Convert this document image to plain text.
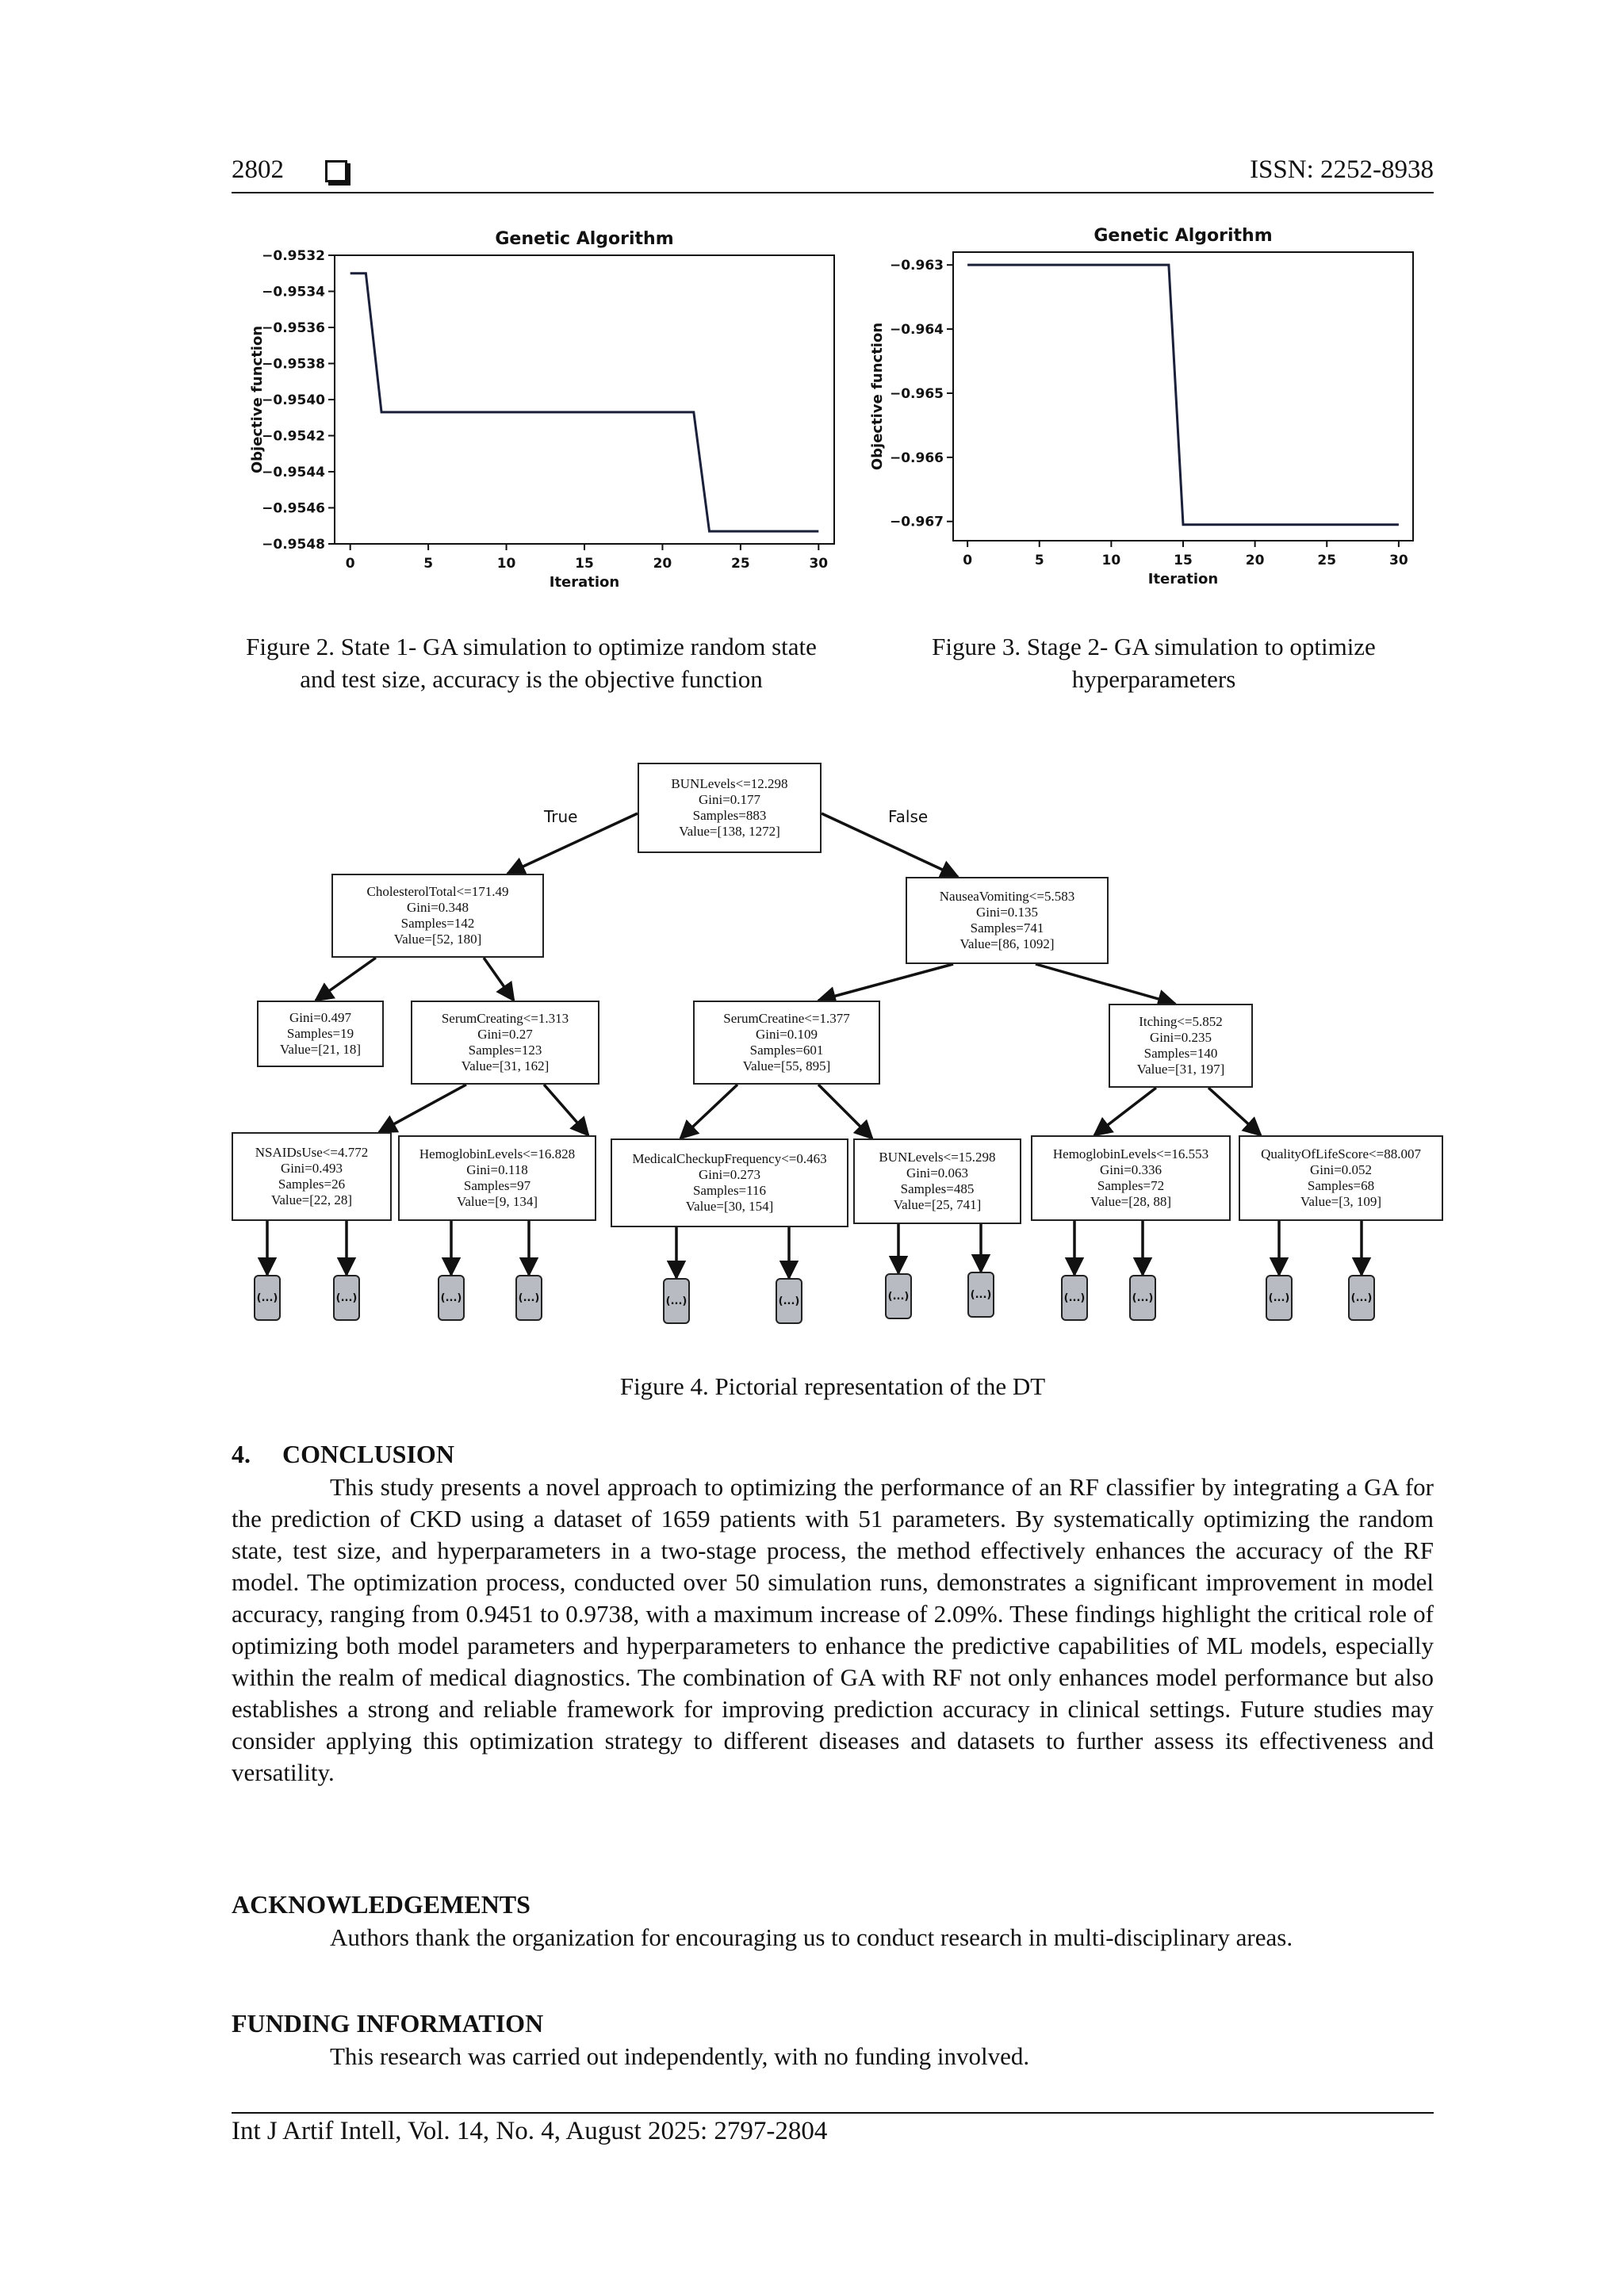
2802	ISSN: 2252-8938
Genetic Algorithm
0	5	10	15	20	25	30
−0.9532
−0.9534
−0.9536
−0.9538
−0.9540
−0.9542
−0.9544
−0.9546
−0.9548
Iteration
Objective function
Genetic Algorithm
0	5	10	15	20	25	30
−0.963
−0.964
−0.965
−0.966
−0.967
Iteration
Objective function
Figure 2. State 1- GA simulation to optimize random state and test size, accuracy is the objective function
Figure 3. Stage 2- GA simulation to optimize hyperparameters
True	False
BUNLevels<=12.298
Gini=0.177
Samples=883
Value=[138, 1272]
CholesterolTotal<=171.49
Gini=0.348
Samples=142
Value=[52, 180]
NauseaVomiting<=5.583
Gini=0.135
Samples=741
Value=[86, 1092]
Gini=0.497
Samples=19
Value=[21, 18]
SerumCreating<=1.313
Gini=0.27
Samples=123
Value=[31, 162]
SerumCreatine<=1.377
Gini=0.109
Samples=601
Value=[55, 895]
Itching<=5.852
Gini=0.235
Samples=140
Value=[31, 197]
NSAIDsUse<=4.772
Gini=0.493
Samples=26
Value=[22, 28]
HemoglobinLevels<=16.828
Gini=0.118
Samples=97
Value=[9, 134]
MedicalCheckupFrequency<=0.463
Gini=0.273
Samples=116
Value=[30, 154]
BUNLevels<=15.298
Gini=0.063
Samples=485
Value=[25, 741]
HemoglobinLevels<=16.553
Gini=0.336
Samples=72
Value=[28, 88]
QualityOfLifeScore<=88.007
Gini=0.052
Samples=68
Value=[3, 109]
(...)	(...)	(...)	(...)	(...)	(...)	(...)	(...)	(...)	(...)	(...)	(...)
Figure 4. Pictorial representation of the DT
4.     CONCLUSION
This study presents a novel approach to optimizing the performance of an RF classifier by integrating a GA for the prediction of CKD using a dataset of 1659 patients with 51 parameters. By systematically optimizing the random state, test size, and hyperparameters in a two-stage process, the method effectively enhances the accuracy of the RF model. The optimization process, conducted over 50 simulation runs, demonstrates a significant improvement in model accuracy, ranging from 0.9451 to 0.9738, with a maximum increase of 2.09%. These findings highlight the critical role of optimizing both model parameters and hyperparameters to enhance the predictive capabilities of ML models, especially within the realm of medical diagnostics. The combination of GA with RF not only enhances model performance but also establishes a strong and reliable framework for improving prediction accuracy in clinical settings. Future studies may consider applying this optimization strategy to different diseases and datasets to further assess its effectiveness and versatility.
ACKNOWLEDGEMENTS
Authors thank the organization for encouraging us to conduct research in multi-disciplinary areas.
FUNDING INFORMATION
This research was carried out independently, with no funding involved.
Int J Artif Intell, Vol. 14, No. 4, August 2025: 2797-2804
